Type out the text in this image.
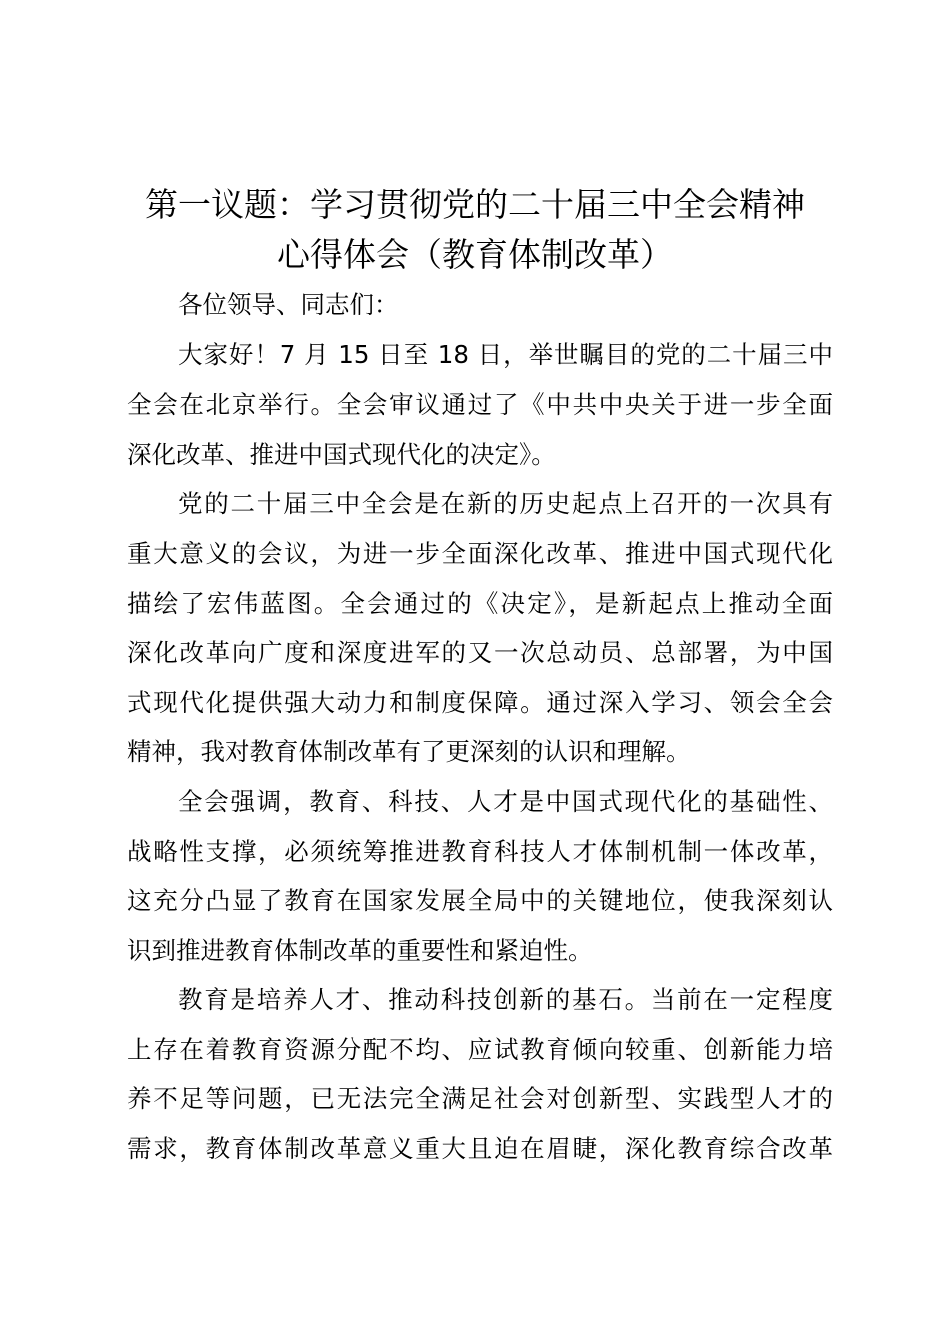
第一议题：学习贯彻党的二十届三中全会精神
心得体会（教育体制改革）

各位领导、同志们：

大家好！7 月 15 日至 18 日，举世瞩目的党的二十届三中

全会在北京举行。全会审议通过了《中共中央关于进一步全面

深化改革、推进中国式现代化的决定》。

党的二十届三中全会是在新的历史起点上召开的一次具有

重大意义的会议，为进一步全面深化改革、推进中国式现代化

描绘了宏伟蓝图。全会通过的《决定》，是新起点上推动全面

深化改革向广度和深度进军的又一次总动员、总部署，为中国

式现代化提供强大动力和制度保障。通过深入学习、领会全会

精神，我对教育体制改革有了更深刻的认识和理解。

全会强调，教育、科技、人才是中国式现代化的基础性、

战略性支撑，必须统筹推进教育科技人才体制机制一体改革，

这充分凸显了教育在国家发展全局中的关键地位，使我深刻认

识到推进教育体制改革的重要性和紧迫性。

教育是培养人才、推动科技创新的基石。当前在一定程度

上存在着教育资源分配不均、应试教育倾向较重、创新能力培

养不足等问题，已无法完全满足社会对创新型、实践型人才的

需求，教育体制改革意义重大且迫在眉睫，深化教育综合改革
